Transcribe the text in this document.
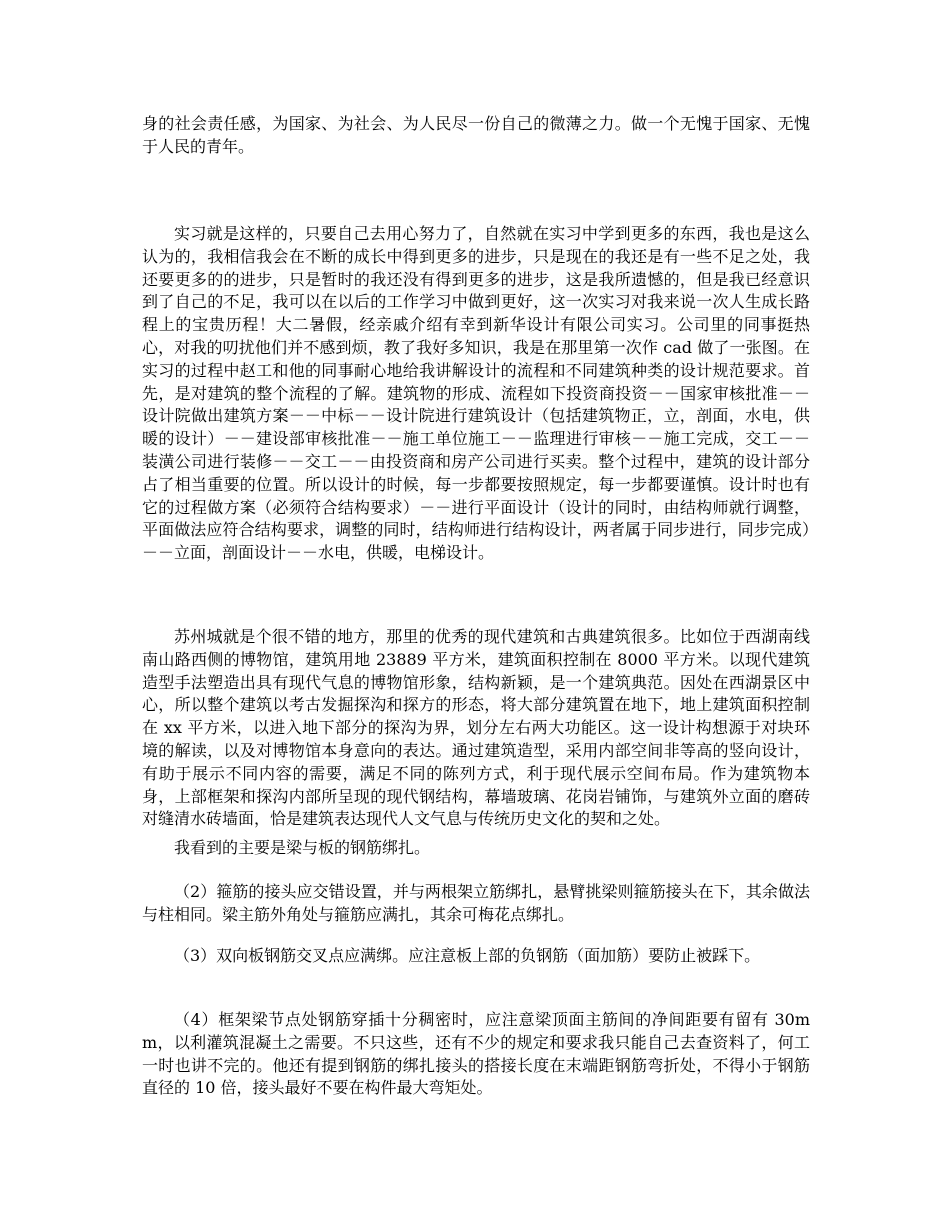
身的社会责任感，为国家、为社会、为人民尽一份自己的微薄之力。做一个无愧于国家、无愧于人民的青年。

实习就是这样的，只要自己去用心努力了，自然就在实习中学到更多的东西，我也是这么认为的，我相信我会在不断的成长中得到更多的进步，只是现在的我还是有一些不足之处，我还要更多的的进步，只是暂时的我还没有得到更多的进步，这是我所遗憾的，但是我已经意识到了自己的不足，我可以在以后的工作学习中做到更好，这一次实习对我来说一次人生成长路程上的宝贵历程！大二暑假，经亲戚介绍有幸到新华设计有限公司实习。公司里的同事挺热心，对我的叨扰他们并不感到烦，教了我好多知识，我是在那里第一次作 cad 做了一张图。在实习的过程中赵工和他的同事耐心地给我讲解设计的流程和不同建筑种类的设计规范要求。首先，是对建筑的整个流程的了解。建筑物的形成、流程如下投资商投资－－国家审核批准－－设计院做出建筑方案－－中标－－设计院进行建筑设计（包括建筑物正，立，剖面，水电，供暖的设计）－－建设部审核批准－－施工单位施工－－监理进行审核－－施工完成，交工－－装潢公司进行装修－－交工－－由投资商和房产公司进行买卖。整个过程中，建筑的设计部分占了相当重要的位置。所以设计的时候，每一步都要按照规定，每一步都要谨慎。设计时也有它的过程做方案（必须符合结构要求）－－进行平面设计（设计的同时，由结构师就行调整，平面做法应符合结构要求，调整的同时，结构师进行结构设计，两者属于同步进行，同步完成）－－立面，剖面设计－－水电，供暖，电梯设计。

苏州城就是个很不错的地方，那里的优秀的现代建筑和古典建筑很多。比如位于西湖南线南山路西侧的博物馆，建筑用地 23889 平方米，建筑面积控制在 8000 平方米。以现代建筑造型手法塑造出具有现代气息的博物馆形象，结构新颖，是一个建筑典范。因处在西湖景区中心，所以整个建筑以考古发掘探沟和探方的形态，将大部分建筑置在地下，地上建筑面积控制在 xx 平方米，以进入地下部分的探沟为界，划分左右两大功能区。这一设计构想源于对块环境的解读，以及对博物馆本身意向的表达。通过建筑造型，采用内部空间非等高的竖向设计，有助于展示不同内容的需要，满足不同的陈列方式，利于现代展示空间布局。作为建筑物本身，上部框架和探沟内部所呈现的现代钢结构，幕墙玻璃、花岗岩铺饰，与建筑外立面的磨砖对缝清水砖墙面，恰是建筑表达现代人文气息与传统历史文化的契和之处。

我看到的主要是梁与板的钢筋绑扎。

（2）箍筋的接头应交错设置，并与两根架立筋绑扎，悬臂挑梁则箍筋接头在下，其余做法与柱相同。梁主筋外角处与箍筋应满扎，其余可梅花点绑扎。

（3）双向板钢筋交叉点应满绑。应注意板上部的负钢筋（面加筋）要防止被踩下。

（4）框架梁节点处钢筋穿插十分稠密时，应注意梁顶面主筋间的净间距要有留有 30mm，以利灌筑混凝土之需要。不只这些，还有不少的规定和要求我只能自己去查资料了，何工一时也讲不完的。他还有提到钢筋的绑扎接头的搭接长度在末端距钢筋弯折处，不得小于钢筋直径的 10 倍，接头最好不要在构件最大弯矩处。
